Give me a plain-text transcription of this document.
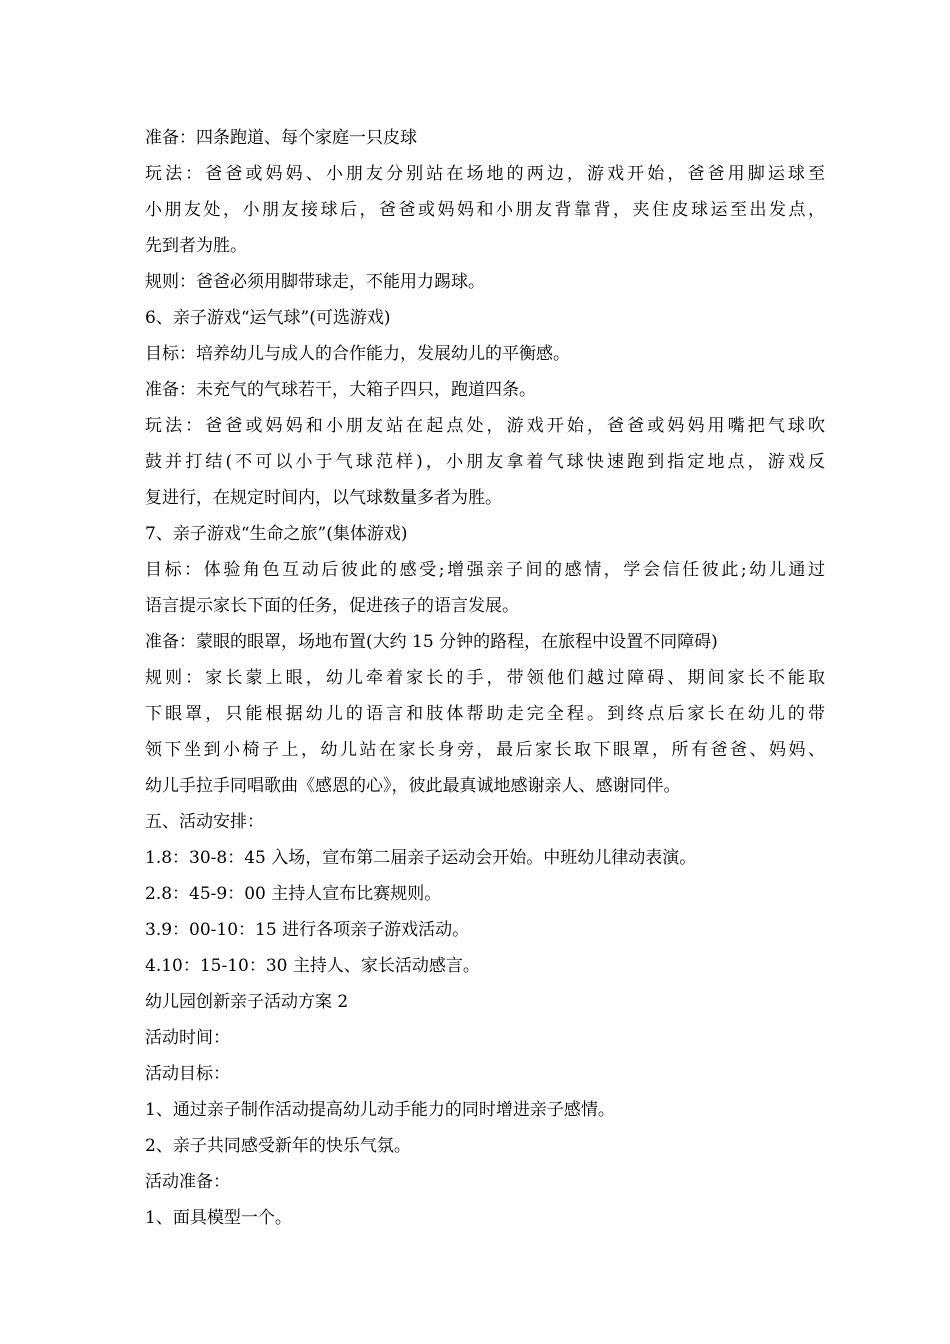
准备：四条跑道、每个家庭一只皮球
玩法：爸爸或妈妈、小朋友分别站在场地的两边，游戏开始，爸爸用脚运球至
小朋友处，小朋友接球后，爸爸或妈妈和小朋友背靠背，夹住皮球运至出发点，
先到者为胜。
规则：爸爸必须用脚带球走，不能用力踢球。
6、亲子游戏“运气球”(可选游戏)
目标：培养幼儿与成人的合作能力，发展幼儿的平衡感。
准备：未充气的气球若干，大箱子四只，跑道四条。
玩法：爸爸或妈妈和小朋友站在起点处，游戏开始，爸爸或妈妈用嘴把气球吹
鼓并打结(不可以小于气球范样)，小朋友拿着气球快速跑到指定地点，游戏反
复进行，在规定时间内，以气球数量多者为胜。
7、亲子游戏“生命之旅”(集体游戏)
目标：体验角色互动后彼此的感受;增强亲子间的感情，学会信任彼此;幼儿通过
语言提示家长下面的任务，促进孩子的语言发展。
准备：蒙眼的眼罩，场地布置(大约 15 分钟的路程，在旅程中设置不同障碍)
规则：家长蒙上眼，幼儿牵着家长的手，带领他们越过障碍、期间家长不能取
下眼罩，只能根据幼儿的语言和肢体帮助走完全程。到终点后家长在幼儿的带
领下坐到小椅子上，幼儿站在家长身旁，最后家长取下眼罩，所有爸爸、妈妈、
幼儿手拉手同唱歌曲《感恩的心》，彼此最真诚地感谢亲人、感谢同伴。
五、活动安排：
1.8：30-8：45 入场，宣布第二届亲子运动会开始。中班幼儿律动表演。
2.8：45-9：00 主持人宣布比赛规则。
3.9：00-10：15 进行各项亲子游戏活动。
4.10：15-10：30 主持人、家长活动感言。
幼儿园创新亲子活动方案 2
活动时间：
活动目标：
1、通过亲子制作活动提高幼儿动手能力的同时增进亲子感情。
2、亲子共同感受新年的快乐气氛。
活动准备：
1、面具模型一个。
